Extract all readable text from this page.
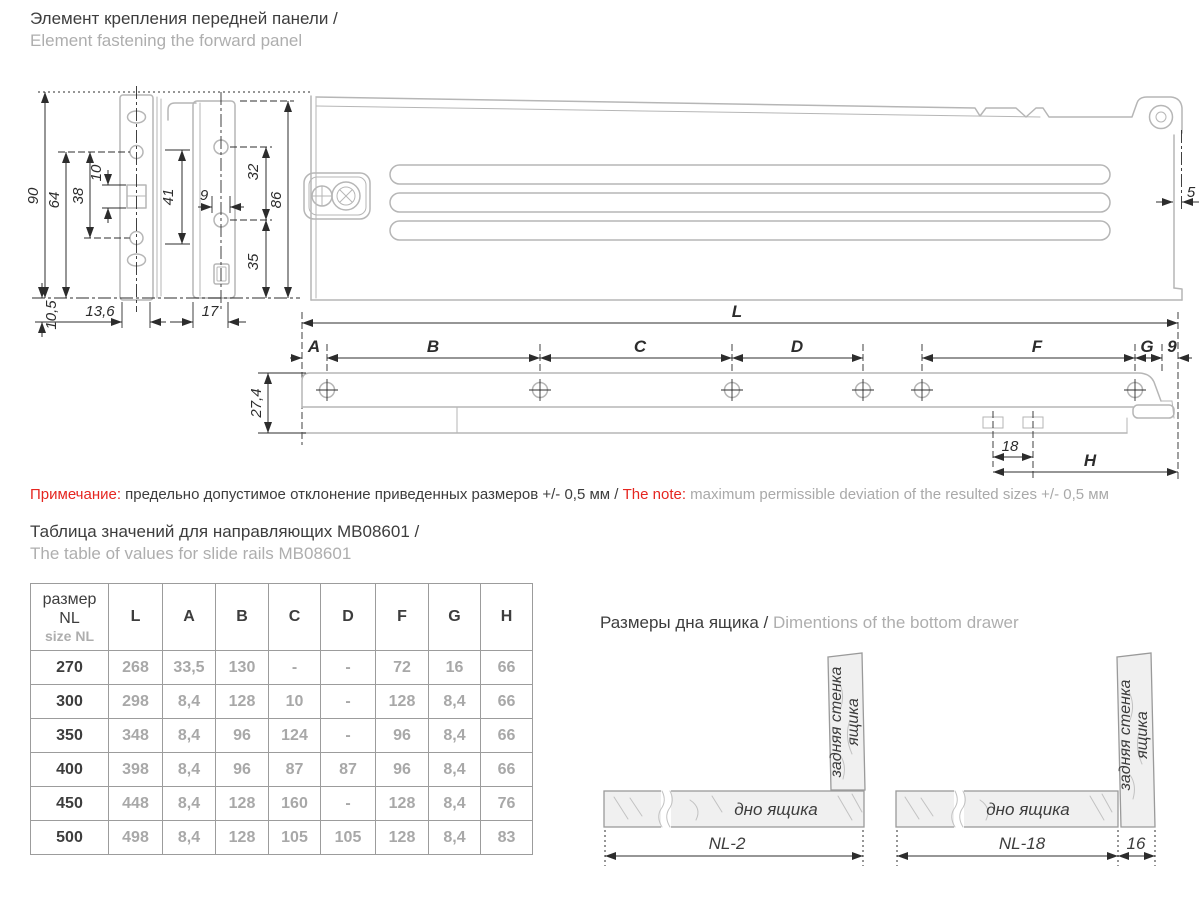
Элемент крепления передней панели /
Element fastening the forward panel
90 64 38
10
41 9
32
35
86
10,5 13,6	17
5
L
A	B	C	D	F	G 9
27,4
18
H
Примечание: предельно допустимое отклонение приведенных размеров +/- 0,5 мм / The note: maximum permissible deviation of the resulted sizes +/- 0,5 мм
Таблица значений для направляющих MB08601 /
The table of values for slide rails MB08601
размер
NL
size NL	L	A	B	C	D	F	G	H
270	268	33,5	130	-	-	72	16	66
300	298	8,4	128	10	-	128	8,4	66
350	348	8,4	96	124	-	96	8,4	66
400	398	8,4	96	87	87	96	8,4	66
450	448	8,4	128	160	-	128	8,4	76
500	498	8,4	128	105	105	128	8,4	83
Размеры дна ящика / Dimentions of the bottom drawer
задняя стенка ящика
дно ящика
NL-2
задняя стенка ящика
дно ящика
NL-18	16
